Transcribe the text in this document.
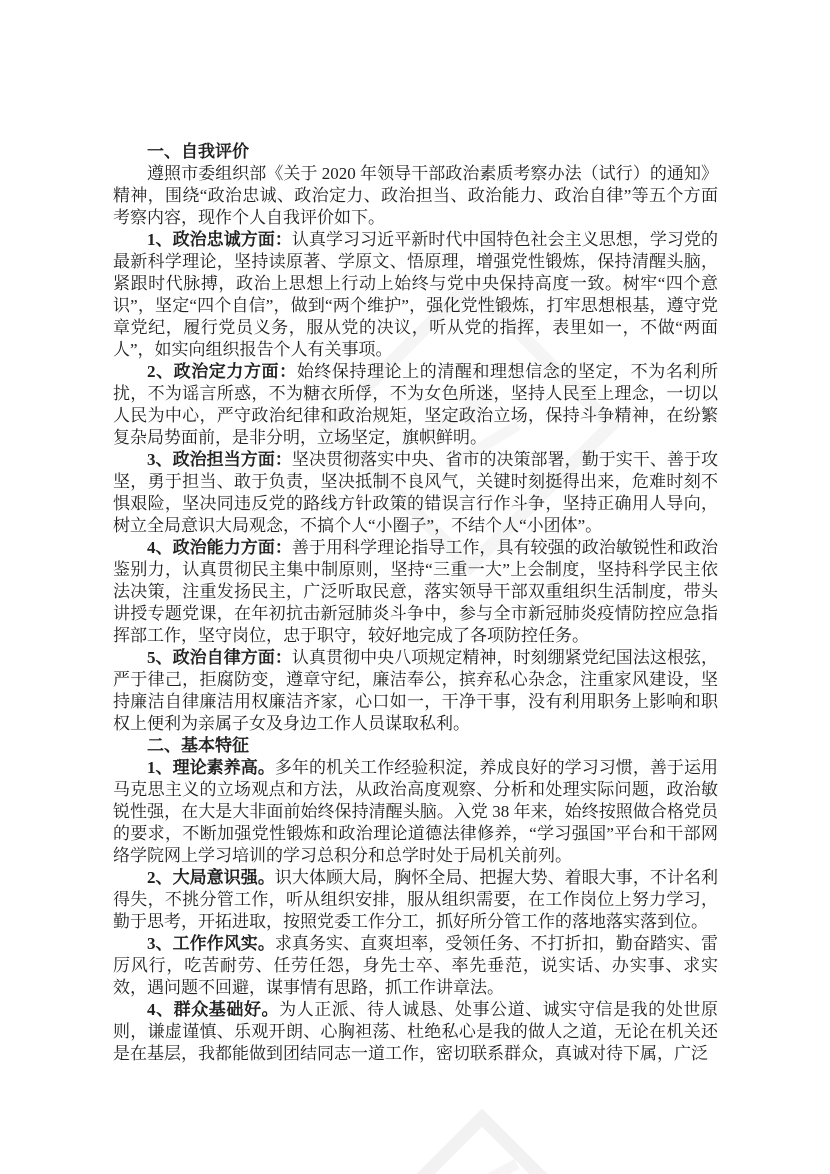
一、自我评价

遵照市委组织部《关于 2020 年领导干部政治素质考察办法（试行）的通知》精神，围绕“政治忠诚、政治定力、政治担当、政治能力、政治自律”等五个方面考察内容，现作个人自我评价如下。

1、政治忠诚方面：认真学习习近平新时代中国特色社会主义思想，学习党的最新科学理论，坚持读原著、学原文、悟原理，增强党性锻炼，保持清醒头脑，紧跟时代脉搏，政治上思想上行动上始终与党中央保持高度一致。树牢“四个意识”，坚定“四个自信”，做到“两个维护”，强化党性锻炼，打牢思想根基，遵守党章党纪，履行党员义务，服从党的决议，听从党的指挥，表里如一，不做“两面人”，如实向组织报告个人有关事项。

2、政治定力方面：始终保持理论上的清醒和理想信念的坚定，不为名利所扰，不为谣言所惑，不为糖衣所俘，不为女色所迷，坚持人民至上理念，一切以人民为中心，严守政治纪律和政治规矩，坚定政治立场，保持斗争精神，在纷繁复杂局势面前，是非分明，立场坚定，旗帜鲜明。

3、政治担当方面：坚决贯彻落实中央、省市的决策部署，勤于实干、善于攻坚，勇于担当、敢于负责，坚决抵制不良风气，关键时刻挺得出来，危难时刻不惧艰险，坚决同违反党的路线方针政策的错误言行作斗争，坚持正确用人导向，树立全局意识大局观念，不搞个人“小圈子”，不结个人“小团体”。

4、政治能力方面：善于用科学理论指导工作，具有较强的政治敏锐性和政治鉴别力，认真贯彻民主集中制原则，坚持“三重一大”上会制度，坚持科学民主依法决策，注重发扬民主，广泛听取民意，落实领导干部双重组织生活制度，带头讲授专题党课，在年初抗击新冠肺炎斗争中，参与全市新冠肺炎疫情防控应急指挥部工作，坚守岗位，忠于职守，较好地完成了各项防控任务。

5、政治自律方面：认真贯彻中央八项规定精神，时刻绷紧党纪国法这根弦，严于律己，拒腐防变，遵章守纪，廉洁奉公，摈弃私心杂念，注重家风建设，坚持廉洁自律廉洁用权廉洁齐家，心口如一，干净干事，没有利用职务上影响和职权上便利为亲属子女及身边工作人员谋取私利。

二、基本特征

1、理论素养高。多年的机关工作经验积淀，养成良好的学习习惯，善于运用马克思主义的立场观点和方法，从政治高度观察、分析和处理实际问题，政治敏锐性强，在大是大非面前始终保持清醒头脑。入党 38 年来，始终按照做合格党员的要求，不断加强党性锻炼和政治理论道德法律修养，“学习强国”平台和干部网络学院网上学习培训的学习总积分和总学时处于局机关前列。

2、大局意识强。识大体顾大局，胸怀全局、把握大势、着眼大事，不计名利得失，不挑分管工作，听从组织安排，服从组织需要，在工作岗位上努力学习，勤于思考，开拓进取，按照党委工作分工，抓好所分管工作的落地落实落到位。

3、工作作风实。求真务实、直爽坦率，受领任务、不打折扣，勤奋踏实、雷厉风行，吃苦耐劳、任劳任怨，身先士卒、率先垂范，说实话、办实事、求实效，遇问题不回避，谋事情有思路，抓工作讲章法。

4、群众基础好。为人正派、待人诚恳、处事公道、诚实守信是我的处世原则，谦虚谨慎、乐观开朗、心胸袒荡、杜绝私心是我的做人之道，无论在机关还是在基层，我都能做到团结同志一道工作，密切联系群众，真诚对待下属，广泛
